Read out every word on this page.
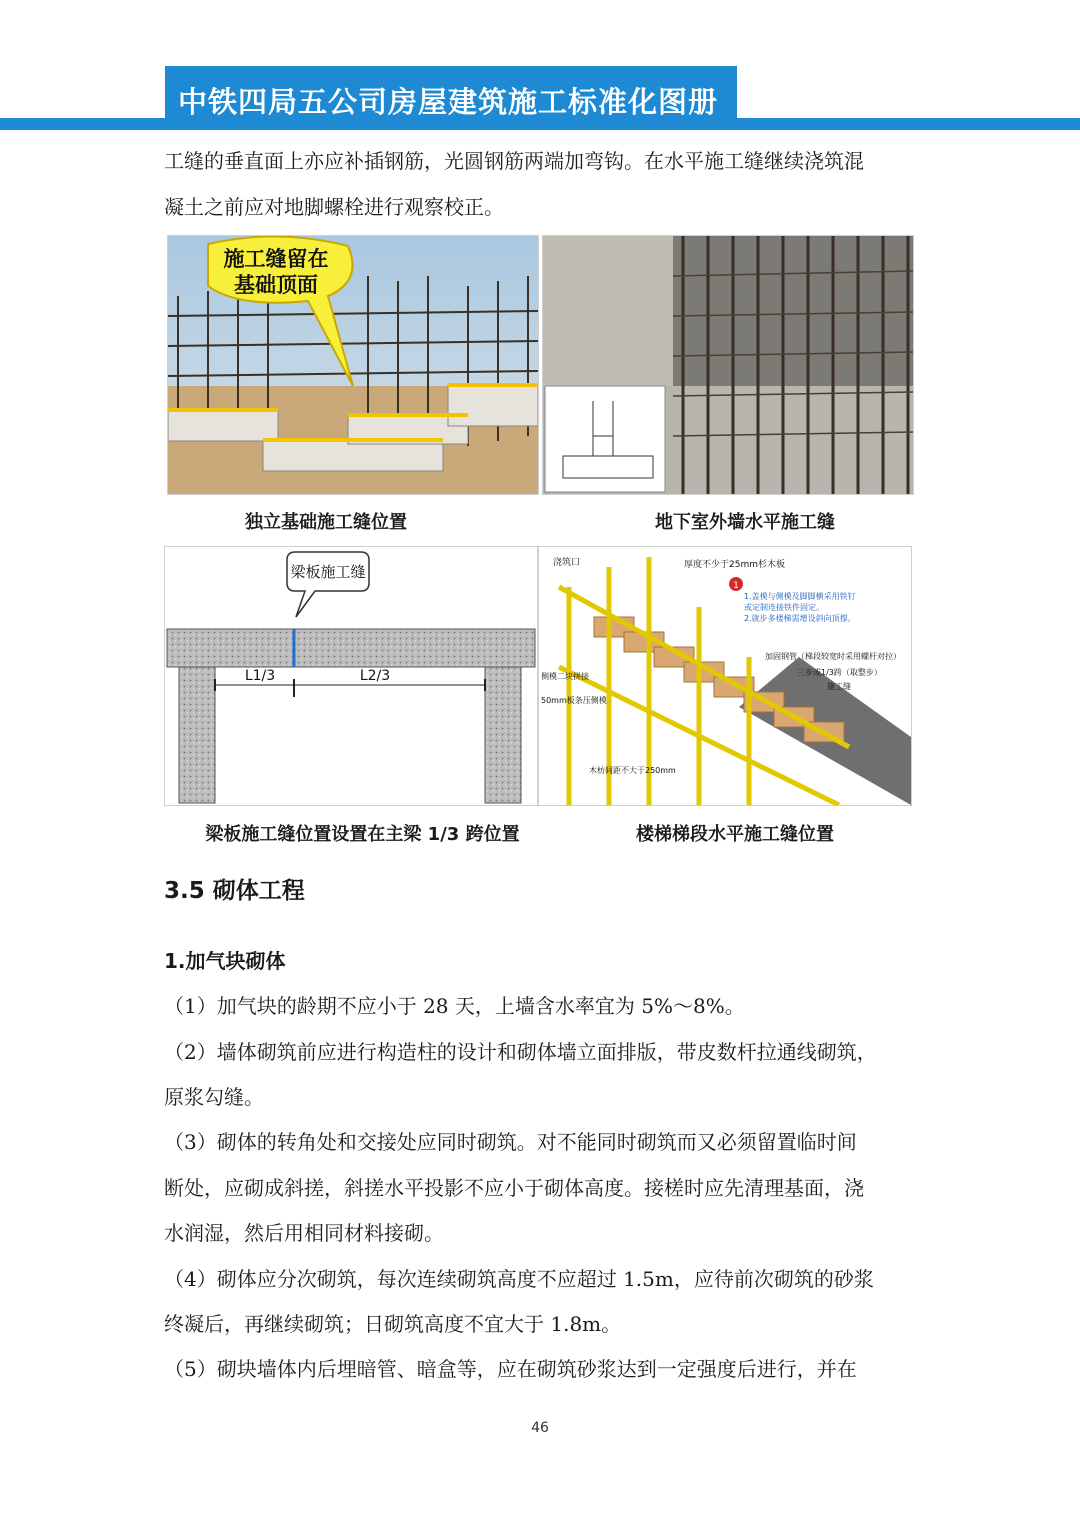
中铁四局五公司房屋建筑施工标准化图册
工缝的垂直面上亦应补插钢筋，光圆钢筋两端加弯钩。在水平施工缝继续浇筑混
凝土之前应对地脚螺栓进行观察校正。
施工缝留在
基础顶面
独立基础施工缝位置	地下室外墙水平施工缝
L1/3	L2/3
梁板施工缝
梁板施工缝位置设置在主梁 1/3 跨位置
1
浇筑口	厚度不少于25mm杉木板
1.盖模与侧模及脚脚横采用铁钉
或定制连接铁件固定。
2.就步多楼梯需增设斜向顶撑。
加固钢管（梯段较宽时采用螺杆对拉）
三步或1/3跨（取整步）
施工缝
侧模二块拼接
50mm板条压侧模
木枋间距不大于250mm
楼梯梯段水平施工缝位置
3.5 砌体工程
1.加气块砌体
（1）加气块的龄期不应小于 28 天，上墙含水率宜为 5%～8%。
（2）墙体砌筑前应进行构造柱的设计和砌体墙立面排版，带皮数杆拉通线砌筑，
原浆勾缝。
（3）砌体的转角处和交接处应同时砌筑。对不能同时砌筑而又必须留置临时间
断处，应砌成斜搓，斜搓水平投影不应小于砌体高度。接槎时应先清理基面，浇
水润湿，然后用相同材料接砌。
（4）砌体应分次砌筑，每次连续砌筑高度不应超过 1.5m，应待前次砌筑的砂浆
终凝后，再继续砌筑；日砌筑高度不宜大于 1.8m。
（5）砌块墙体内后埋暗管、暗盒等，应在砌筑砂浆达到一定强度后进行，并在
46
